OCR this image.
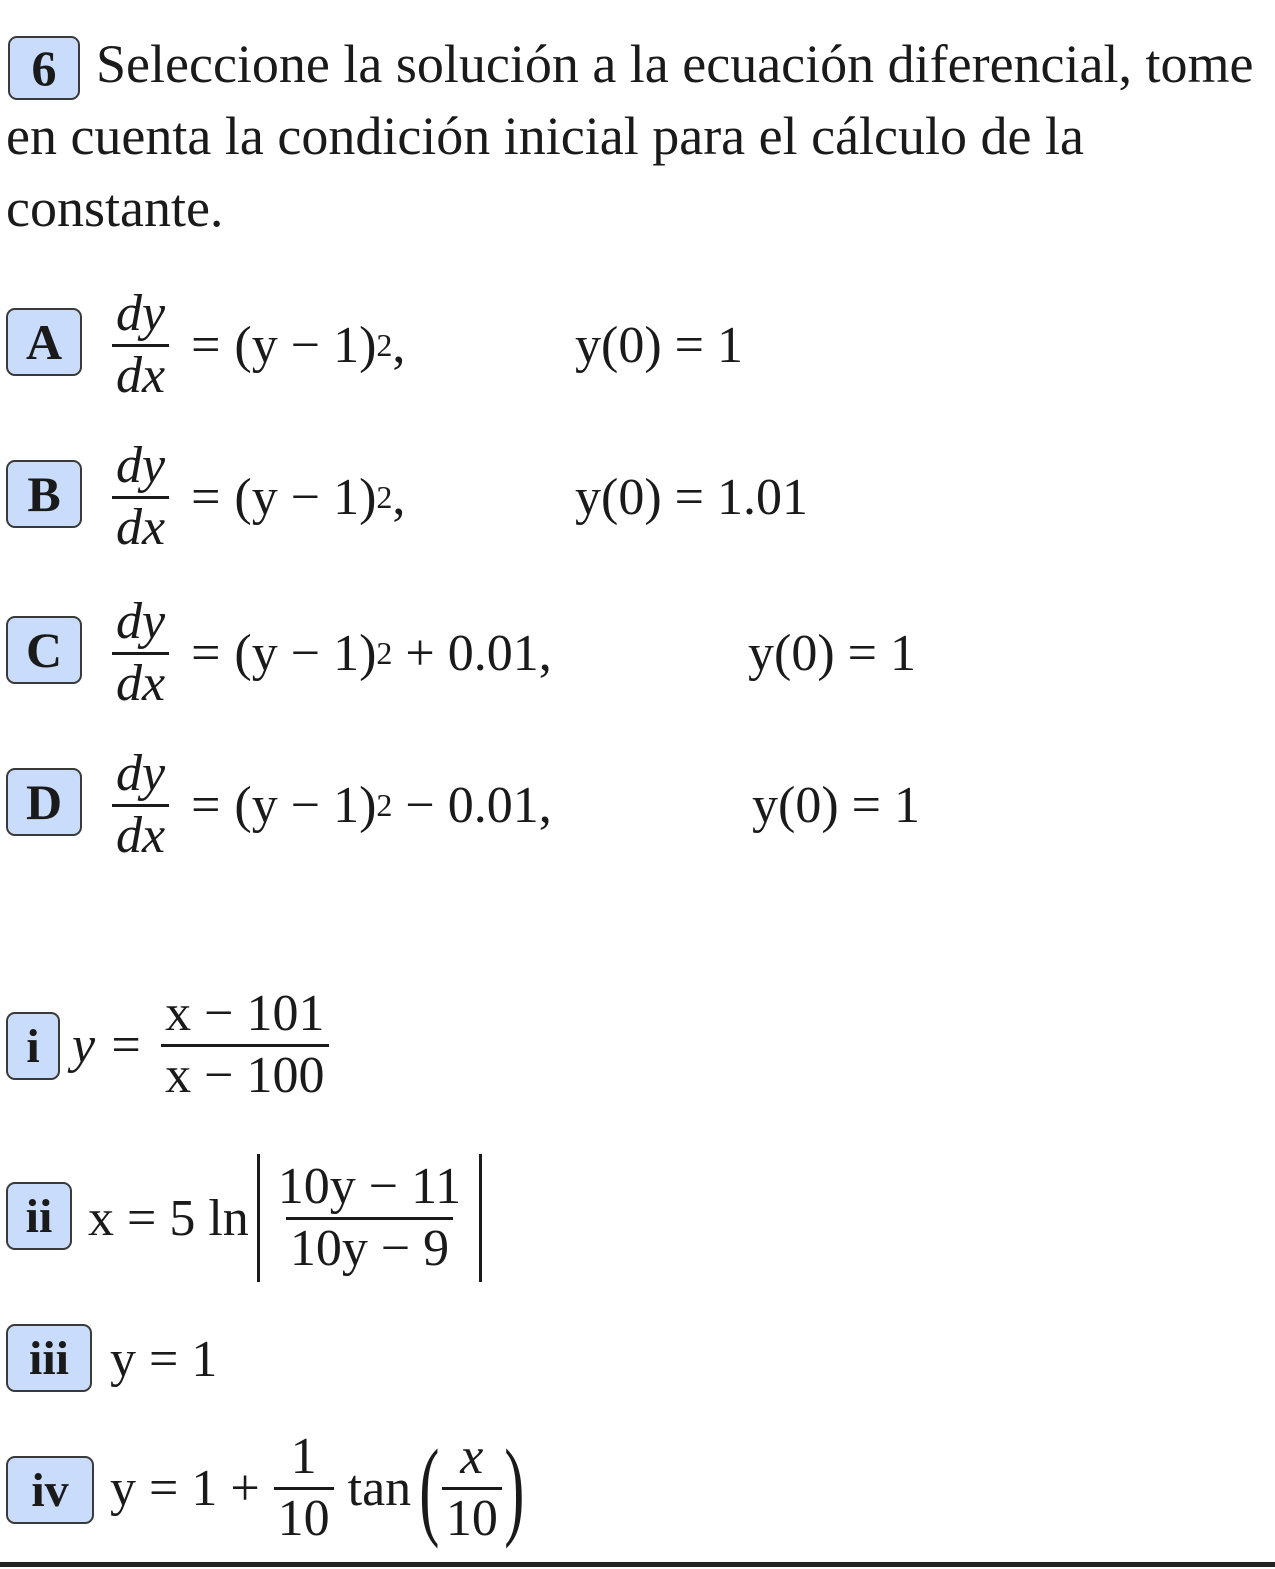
6 Seleccione la solución a la ecuación diferencial, tome en cuenta la condición inicial para el cálculo de la constante.

A $\frac{dy}{dx} = (y - 1)$ 2 ,	y(0) = 1
B $\frac{dy}{dx} = (y - 1)$ 2 ,	y(0) = 1.01
C $\frac{dy}{dx} = (y - 1) 2 + 0.01$,	y(0) = 1
D $\frac{dy}{dx} = (y - 1) 2 - 0.01$,	y(0) = 1
i $y = \frac{x - 101}{x - 100}$
ii x = 5 $\ln \frac{10y - 11}{10y - 9}$
iii y = 1
iv $y = 1 + \frac{1}{10}$ tan ( $\frac{x}{10}$ )
